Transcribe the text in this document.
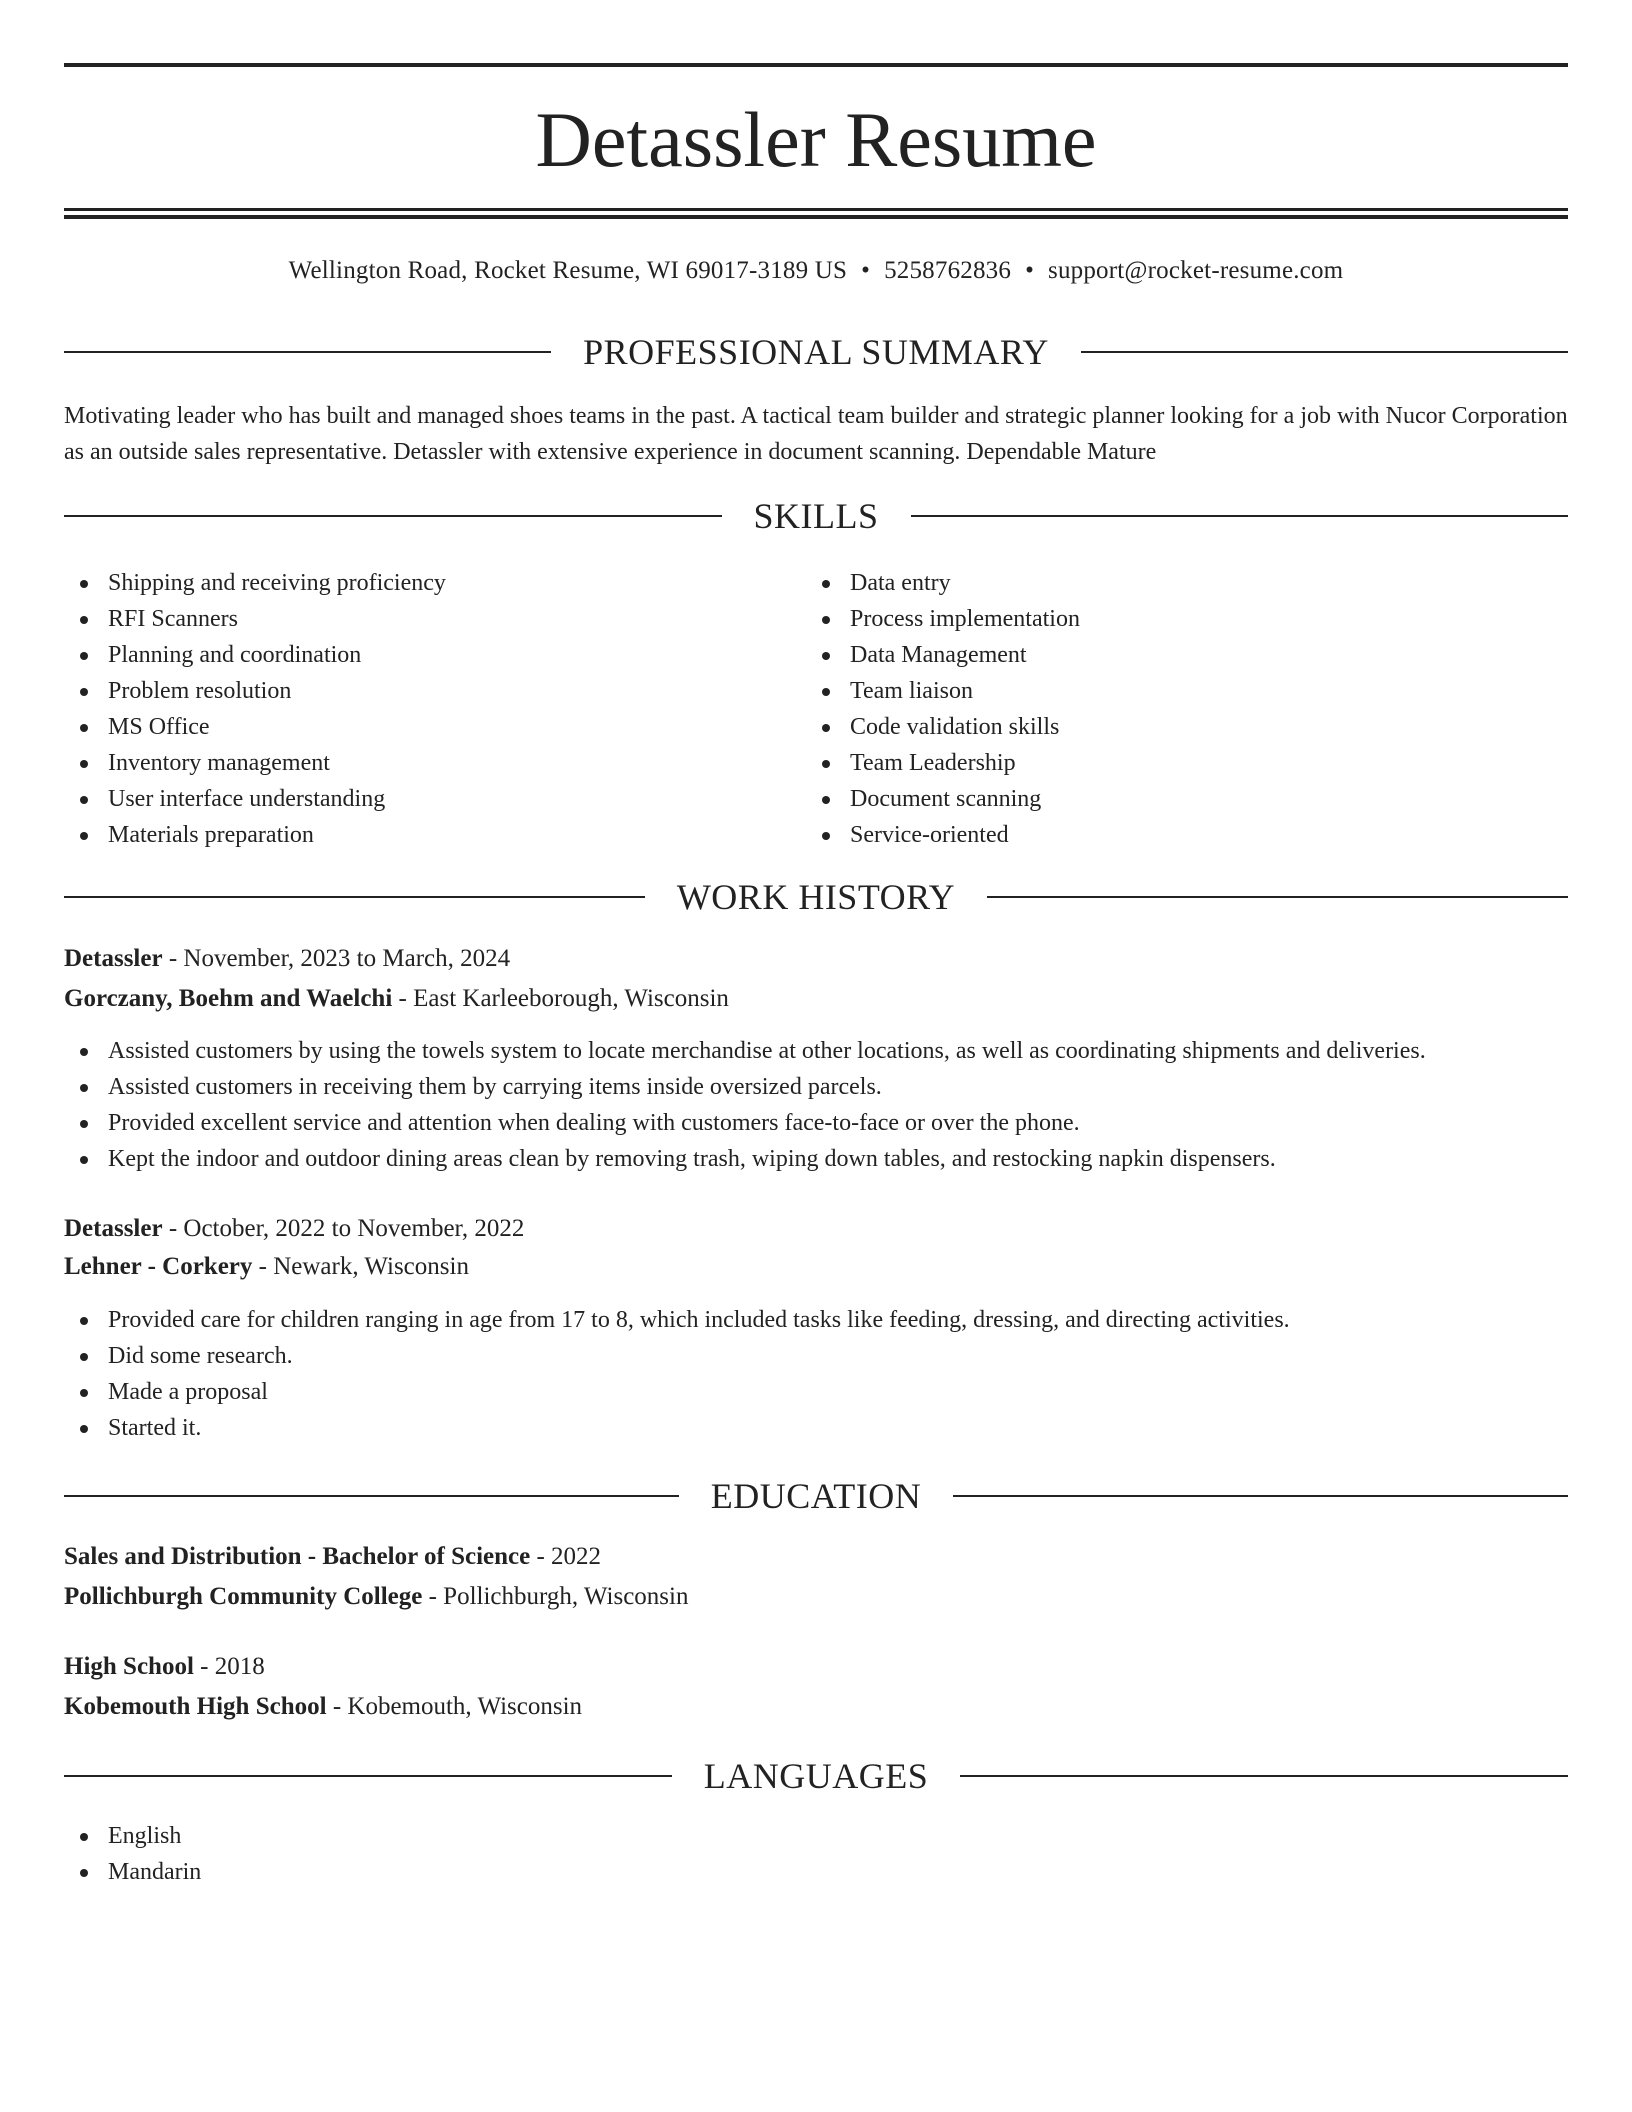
Detassler Resume
Wellington Road, Rocket Resume, WI 69017-3189 US • 5258762836 • support@rocket-resume.com
PROFESSIONAL SUMMARY

Motivating leader who has built and managed shoes teams in the past. A tactical team builder and strategic planner looking for a job with Nucor Corporation as an outside sales representative. Detassler with extensive experience in document scanning. Dependable Mature

SKILLS
Shipping and receiving proficiency
RFI Scanners
Planning and coordination
Problem resolution
MS Office
Inventory management
User interface understanding
Materials preparation
Data entry
Process implementation
Data Management
Team liaison
Code validation skills
Team Leadership
Document scanning
Service-oriented
WORK HISTORY
Detassler - November, 2023 to March, 2024
Gorczany, Boehm and Waelchi - East Karleeborough, Wisconsin
Assisted customers by using the towels system to locate merchandise at other locations, as well as coordinating shipments and deliveries.
Assisted customers in receiving them by carrying items inside oversized parcels.
Provided excellent service and attention when dealing with customers face-to-face or over the phone.
Kept the indoor and outdoor dining areas clean by removing trash, wiping down tables, and restocking napkin dispensers.
Detassler - October, 2022 to November, 2022
Lehner - Corkery - Newark, Wisconsin
Provided care for children ranging in age from 17 to 8, which included tasks like feeding, dressing, and directing activities.
Did some research.
Made a proposal
Started it.
EDUCATION
Sales and Distribution - Bachelor of Science - 2022
Pollichburgh Community College - Pollichburgh, Wisconsin
High School - 2018
Kobemouth High School - Kobemouth, Wisconsin
LANGUAGES
English
Mandarin
